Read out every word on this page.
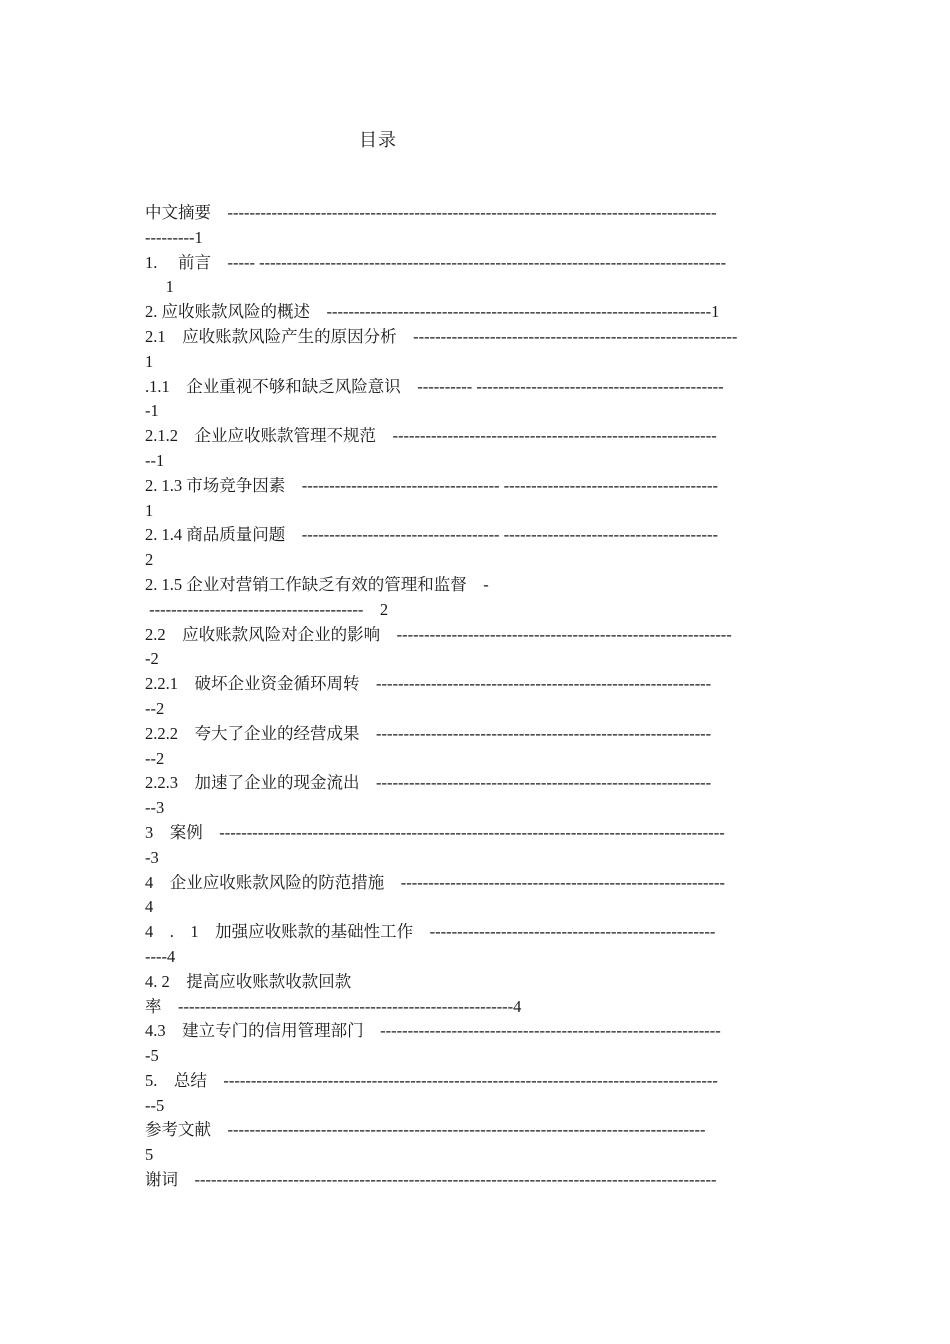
目录
中文摘要　-----------------------------------------------------------------------------------------
---------1
1.　 前言　----- -------------------------------------------------------------------------------------
　 1
2. 应收账款风险的概述　----------------------------------------------------------------------1
2.1　应收账款风险产生的原因分析　-----------------------------------------------------------
1
.1.1　企业重视不够和缺乏风险意识　---------- ---------------------------------------------
-1
2.1.2　企业应收账款管理不规范　-----------------------------------------------------------
--1
2. 1.3 市场竞争因素　------------------------------------ ---------------------------------------
1
2. 1.4 商品质量问题　------------------------------------ ---------------------------------------
2
2. 1.5 企业对营销工作缺乏有效的管理和监督　-
---------------------------------------　2
2.2　应收账款风险对企业的影响　-------------------------------------------------------------
-2
2.2.1　破坏企业资金循环周转　-------------------------------------------------------------
--2
2.2.2　夸大了企业的经营成果　-------------------------------------------------------------
--2
2.2.3　加速了企业的现金流出　-------------------------------------------------------------
--3
3　案例　--------------------------------------------------------------------------------------------
-3
4　企业应收账款风险的防范措施　-----------------------------------------------------------
4
4　.　1　加强应收账款的基础性工作　----------------------------------------------------
----4
4. 2　提高应收账款收款回款
率　-------------------------------------------------------------4
4.3　建立专门的信用管理部门　--------------------------------------------------------------
-5
5.　总结　------------------------------------------------------------------------------------------
--5
参考文献　---------------------------------------------------------------------------------------
5
谢词　-----------------------------------------------------------------------------------------------
